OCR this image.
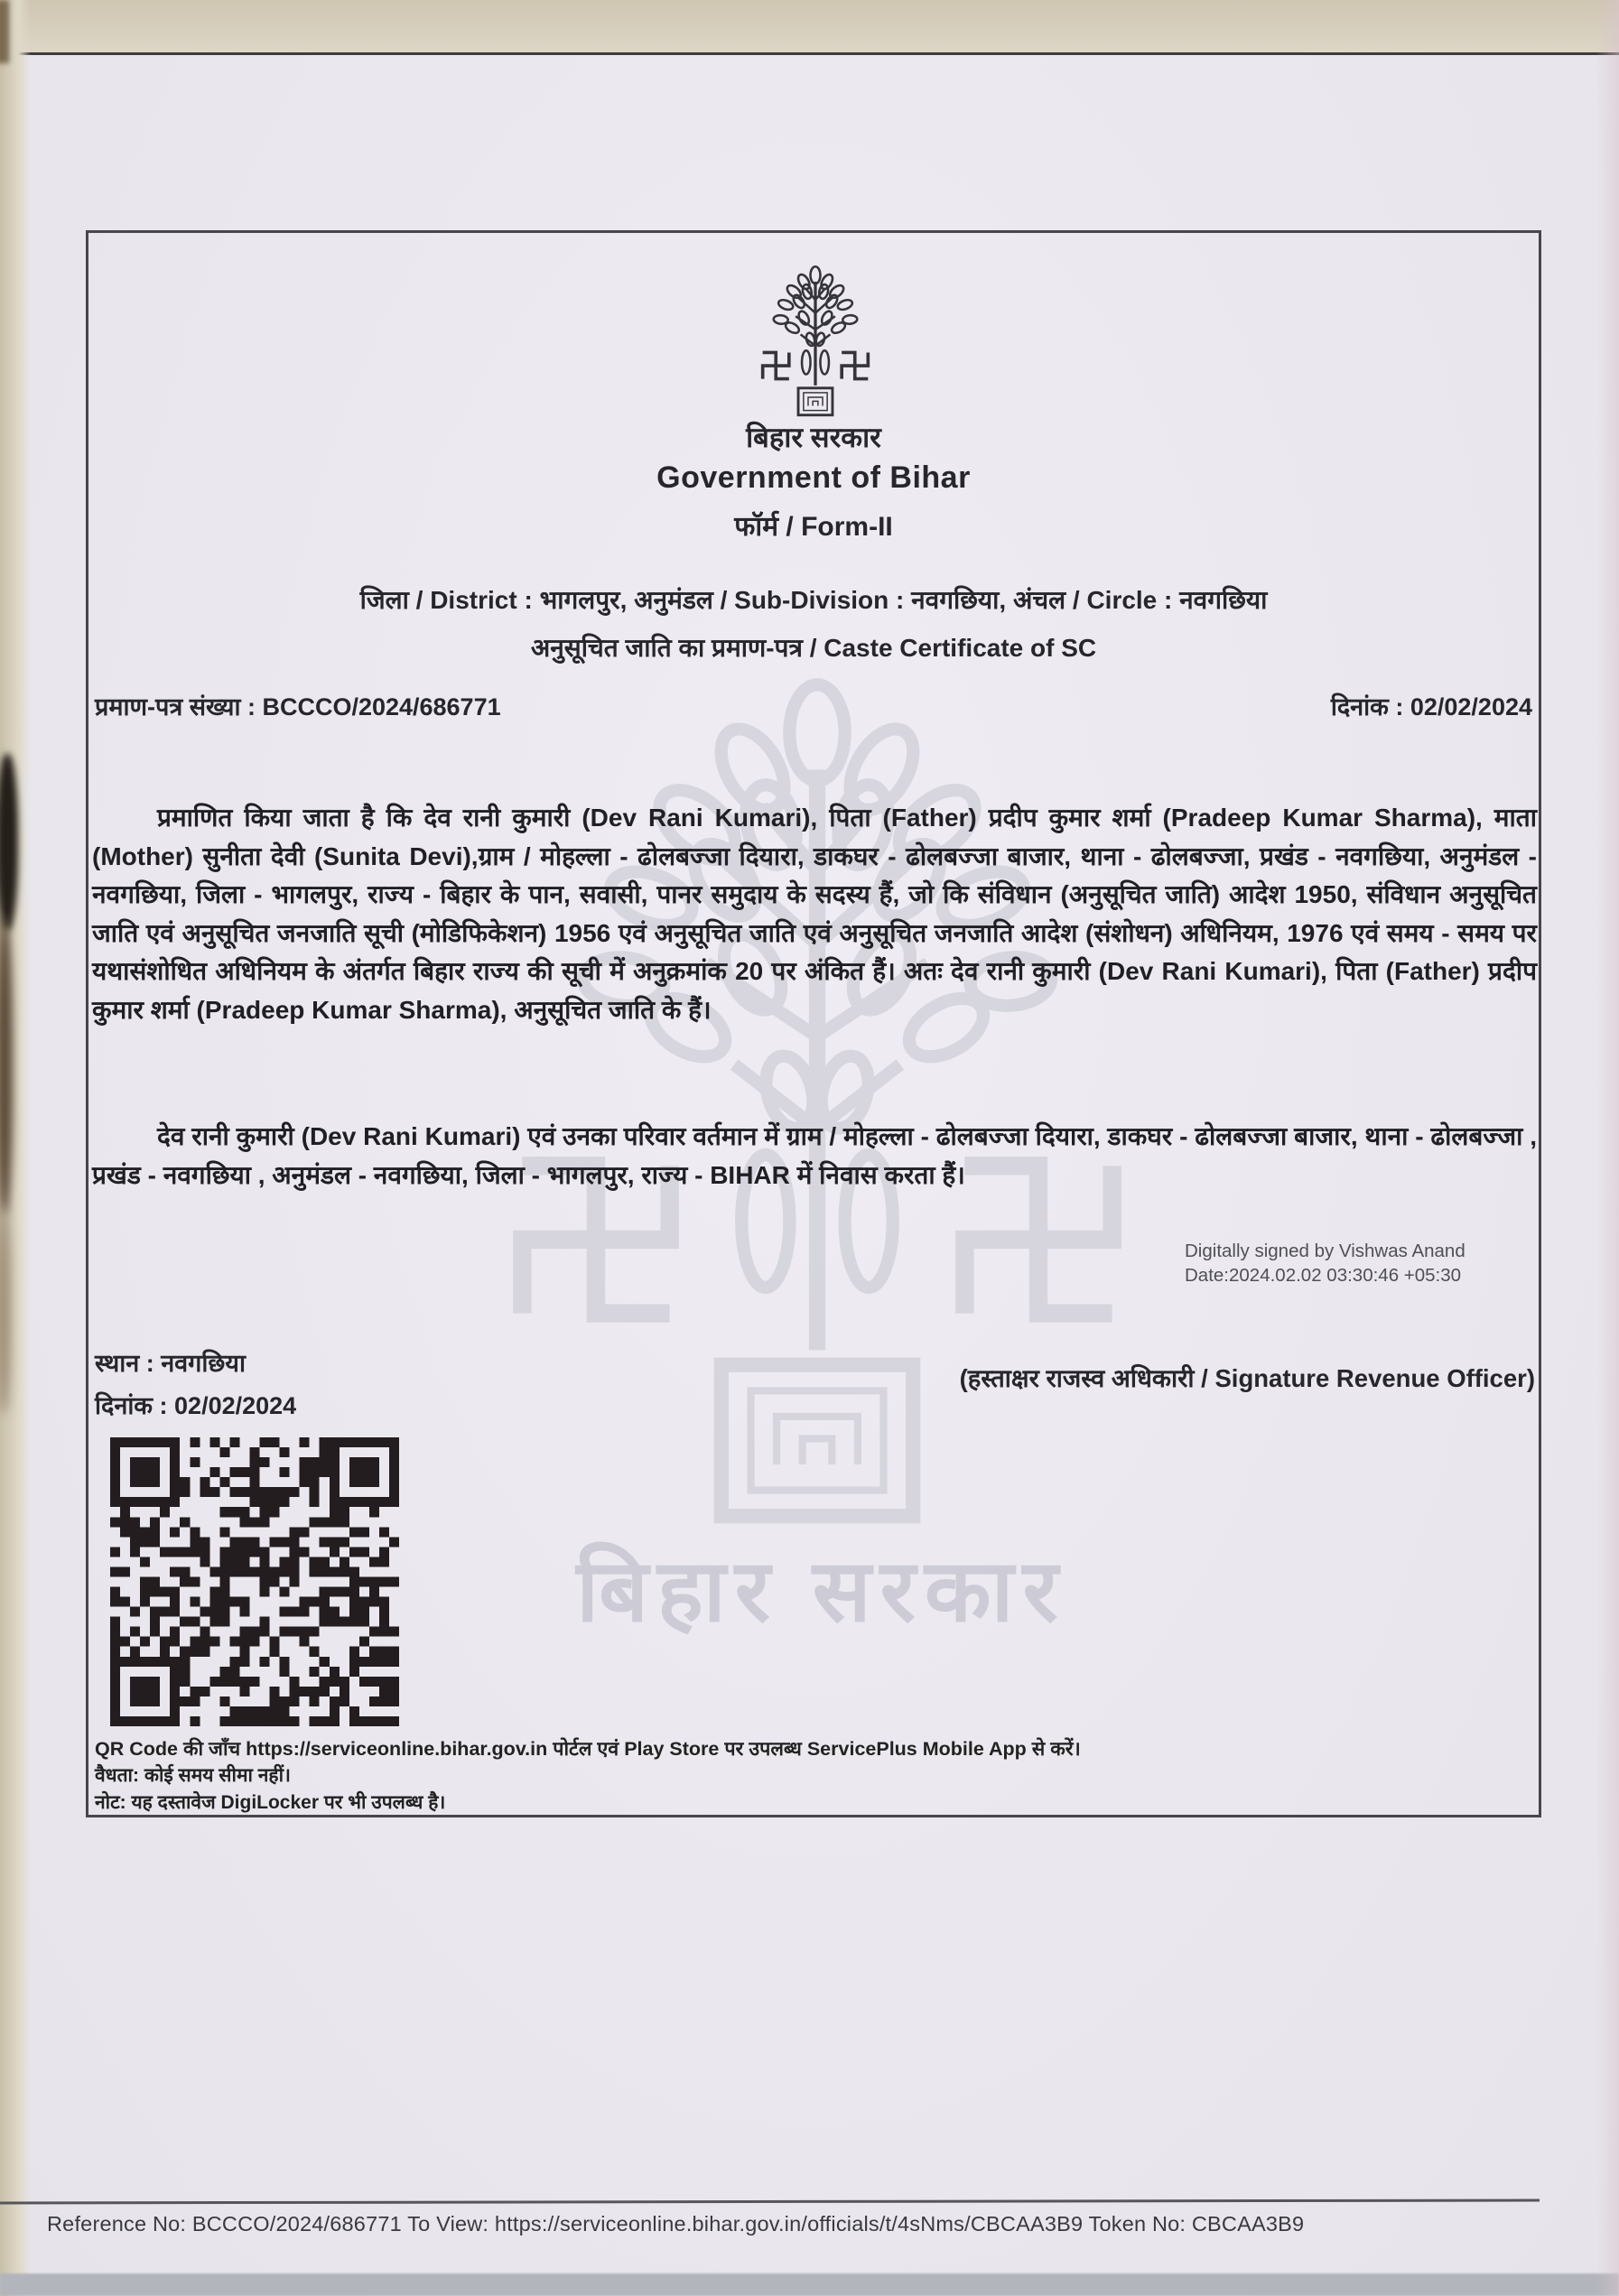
बिहार सरकार
बिहार सरकार
Government of Bihar
फॉर्म / Form-II
जिला / District : भागलपुर, अनुमंडल / Sub-Division : नवगछिया, अंचल / Circle : नवगछिया
अनुसूचित जाति का प्रमाण-पत्र / Caste Certificate of SC
प्रमाण-पत्र संख्या : BCCCO/2024/686771	दिनांक : 02/02/2024
प्रमाणित किया जाता है कि देव रानी कुमारी (Dev Rani Kumari), पिता (Father) प्रदीप कुमार शर्मा (Pradeep Kumar Sharma), माता (Mother) सुनीता देवी (Sunita Devi),ग्राम / मोहल्ला - ढोलबज्जा दियारा, डाकघर - ढोलबज्जा बाजार, थाना - ढोलबज्जा, प्रखंड - नवगछिया, अनुमंडल - नवगछिया, जिला - भागलपुर, राज्य - बिहार के पान, सवासी, पानर समुदाय के सदस्य हैं, जो कि संविधान (अनुसूचित जाति) आदेश 1950, संविधान अनुसूचित जाति एवं अनुसूचित जनजाति सूची (मोडिफिकेशन) 1956 एवं अनुसूचित जाति एवं अनुसूचित जनजाति आदेश (संशोधन) अधिनियम, 1976 एवं समय - समय पर यथासंशोधित अधिनियम के अंतर्गत बिहार राज्य की सूची में अनुक्रमांक 20 पर अंकित हैं। अतः देव रानी कुमारी (Dev Rani Kumari), पिता (Father) प्रदीप कुमार शर्मा (Pradeep Kumar Sharma), अनुसूचित जाति के हैं।
देव रानी कुमारी (Dev Rani Kumari) एवं उनका परिवार वर्तमान में ग्राम / मोहल्ला - ढोलबज्जा दियारा, डाकघर - ढोलबज्जा बाजार, थाना - ढोलबज्जा , प्रखंड - नवगछिया , अनुमंडल - नवगछिया, जिला - भागलपुर, राज्य - BIHAR में निवास करता हैं।
Digitally signed by Vishwas Anand
Date:2024.02.02 03:30:46 +05:30
स्थान : नवगछिया
दिनांक : 02/02/2024
(हस्ताक्षर राजस्व अधिकारी / Signature Revenue Officer)
QR Code की जाँच https://serviceonline.bihar.gov.in पोर्टल एवं Play Store पर उपलब्ध ServicePlus Mobile App से करें।
वैधता: कोई समय सीमा नहीं।
नोट: यह दस्तावेज DigiLocker पर भी उपलब्ध है।
Reference No: BCCCO/2024/686771 To View: https://serviceonline.bihar.gov.in/officials/t/4sNms/CBCAA3B9 Token No: CBCAA3B9
